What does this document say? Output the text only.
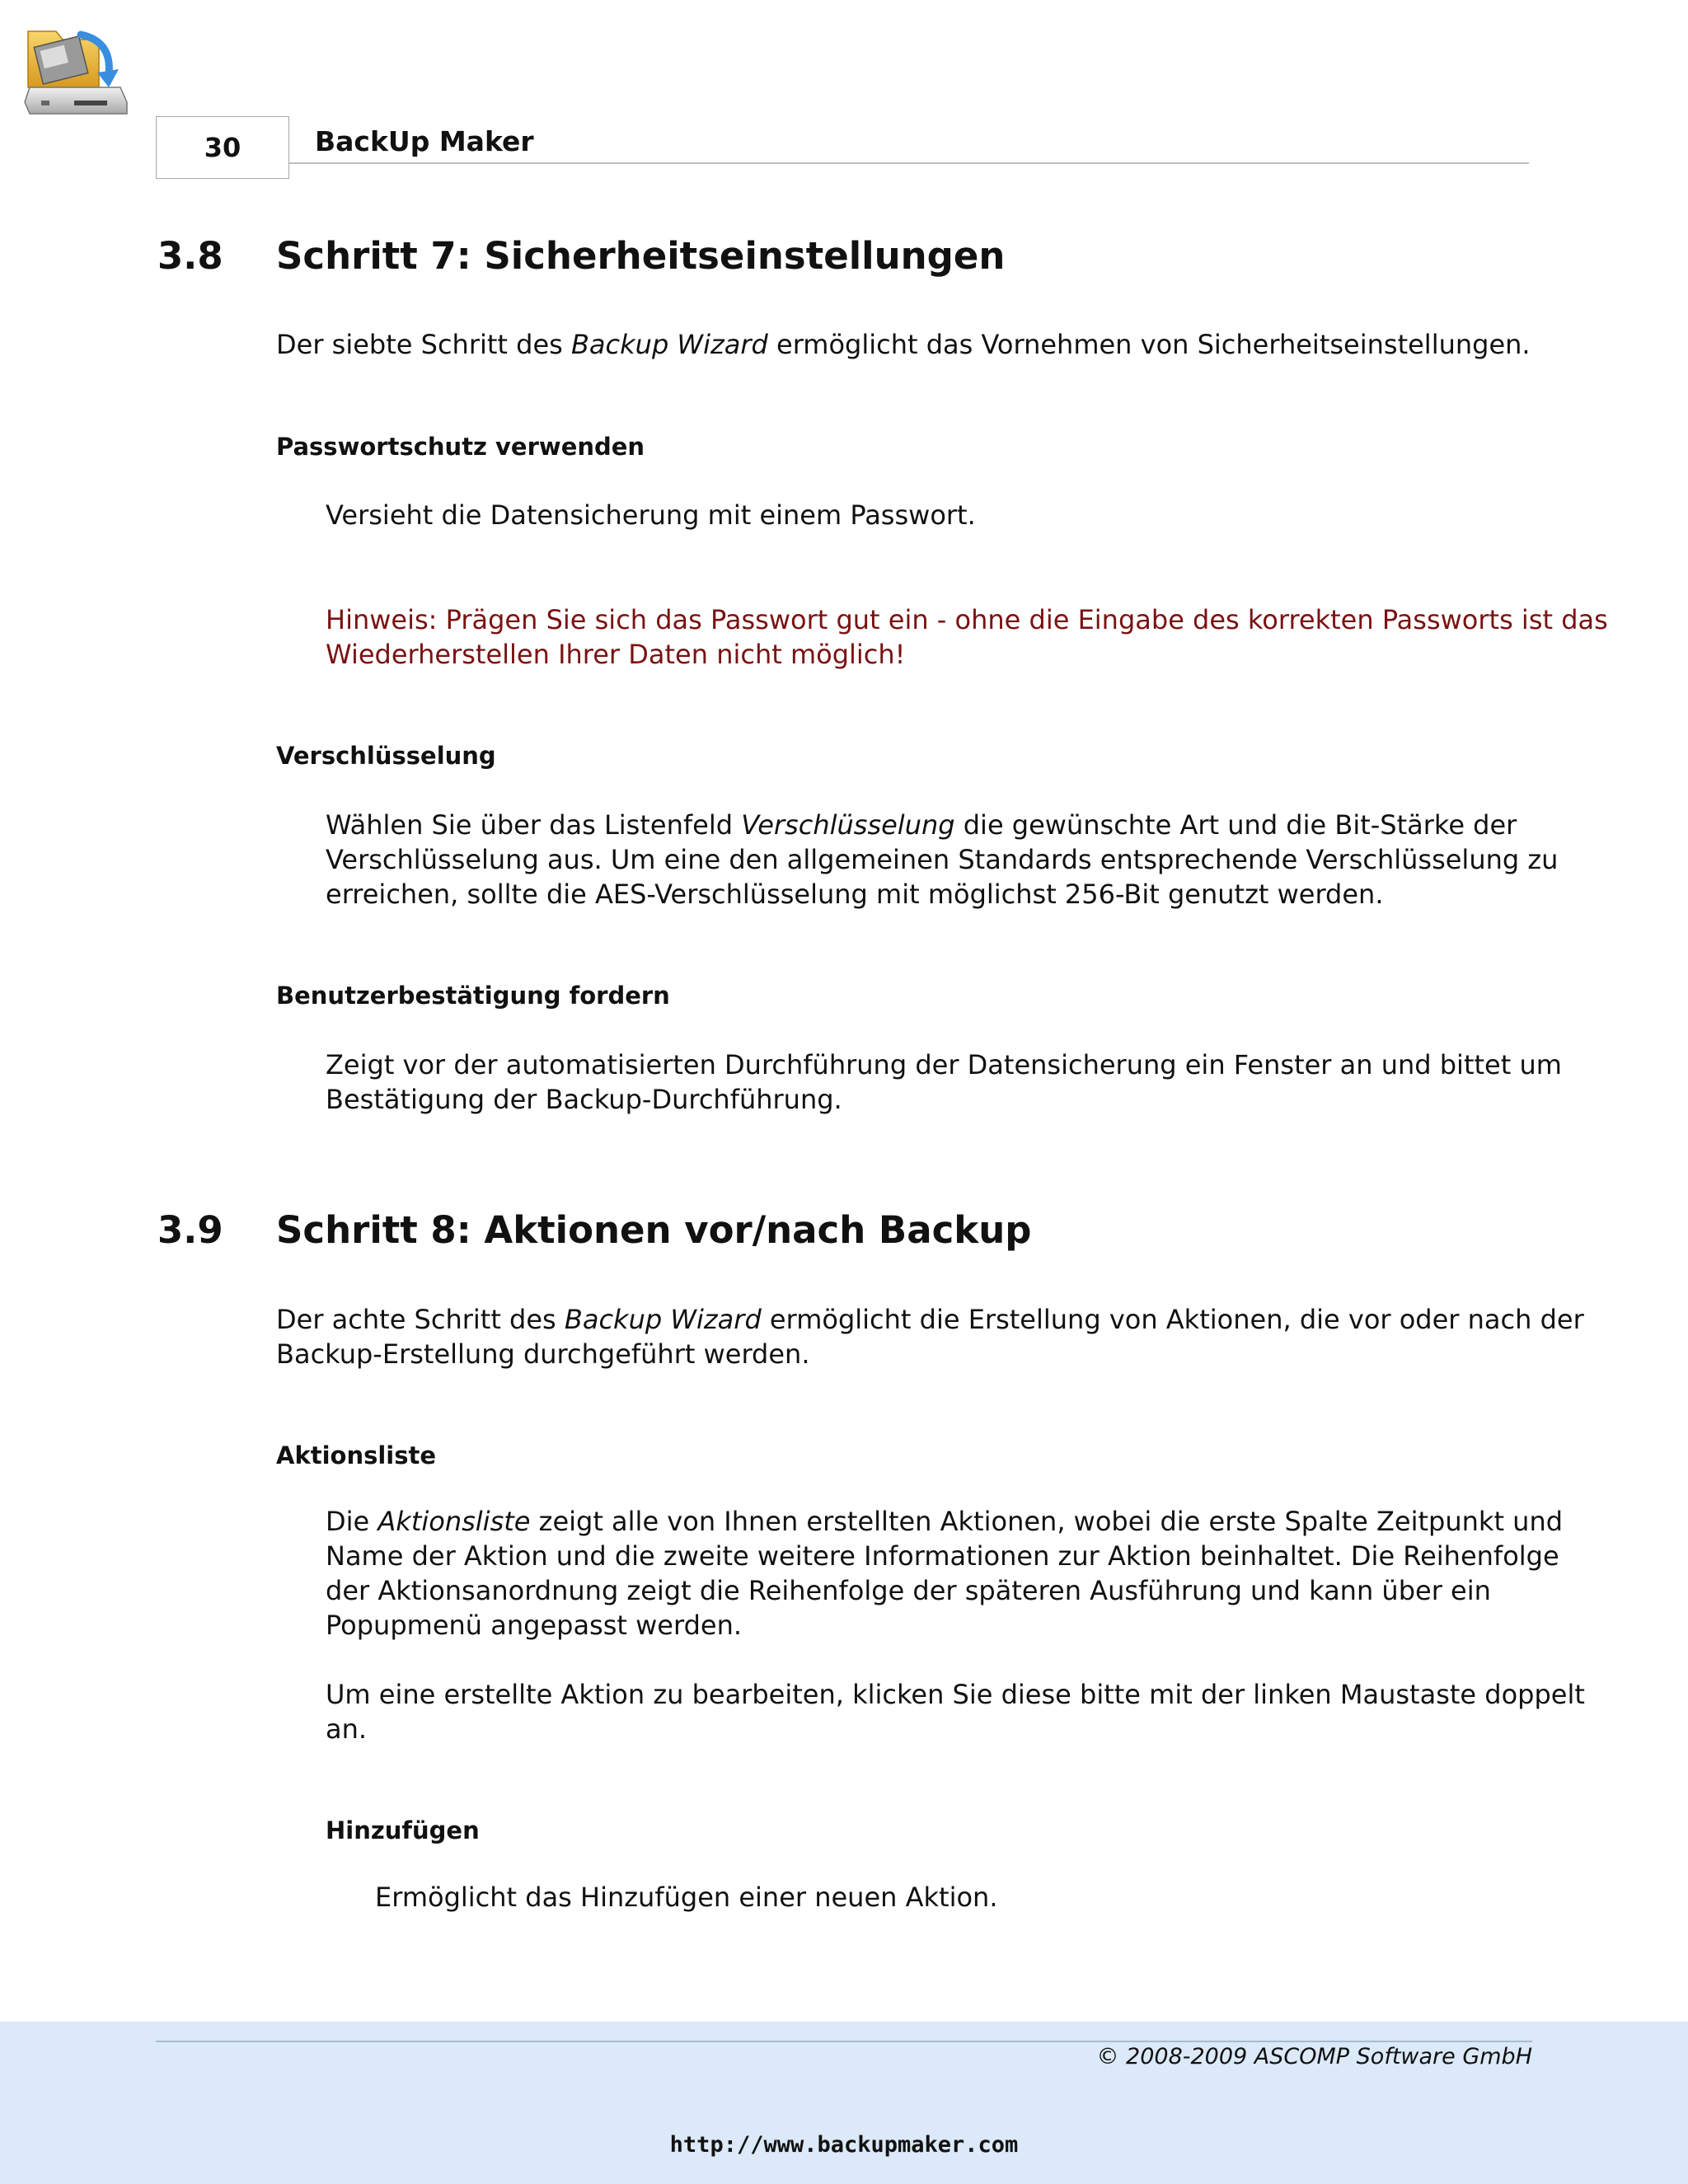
30	BackUp Maker
3.8 Schritt 7: Sicherheitseinstellungen
Der siebte Schritt des Backup Wizard ermöglicht das Vornehmen von Sicherheitseinstellungen.
Passwortschutz verwenden
Versieht die Datensicherung mit einem Passwort.
Hinweis: Prägen Sie sich das Passwort gut ein - ohne die Eingabe des korrekten Passworts ist das
Wiederherstellen Ihrer Daten nicht möglich!
Verschlüsselung
Wählen Sie über das Listenfeld Verschlüsselung die gewünschte Art und die Bit-Stärke der
Verschlüsselung aus. Um eine den allgemeinen Standards entsprechende Verschlüsselung zu
erreichen, sollte die AES-Verschlüsselung mit möglichst 256-Bit genutzt werden.
Benutzerbestätigung fordern
Zeigt vor der automatisierten Durchführung der Datensicherung ein Fenster an und bittet um
Bestätigung der Backup-Durchführung.
3.9 Schritt 8: Aktionen vor/nach Backup
Der achte Schritt des Backup Wizard ermöglicht die Erstellung von Aktionen, die vor oder nach der
Backup-Erstellung durchgeführt werden.
Aktionsliste
Die Aktionsliste zeigt alle von Ihnen erstellten Aktionen, wobei die erste Spalte Zeitpunkt und
Name der Aktion und die zweite weitere Informationen zur Aktion beinhaltet. Die Reihenfolge
der Aktionsanordnung zeigt die Reihenfolge der späteren Ausführung und kann über ein
Popupmenü angepasst werden.
Um eine erstellte Aktion zu bearbeiten, klicken Sie diese bitte mit der linken Maustaste doppelt
an.
Hinzufügen
Ermöglicht das Hinzufügen einer neuen Aktion.
© 2008-2009 ASCOMP Software GmbH
http://www.backupmaker.com
